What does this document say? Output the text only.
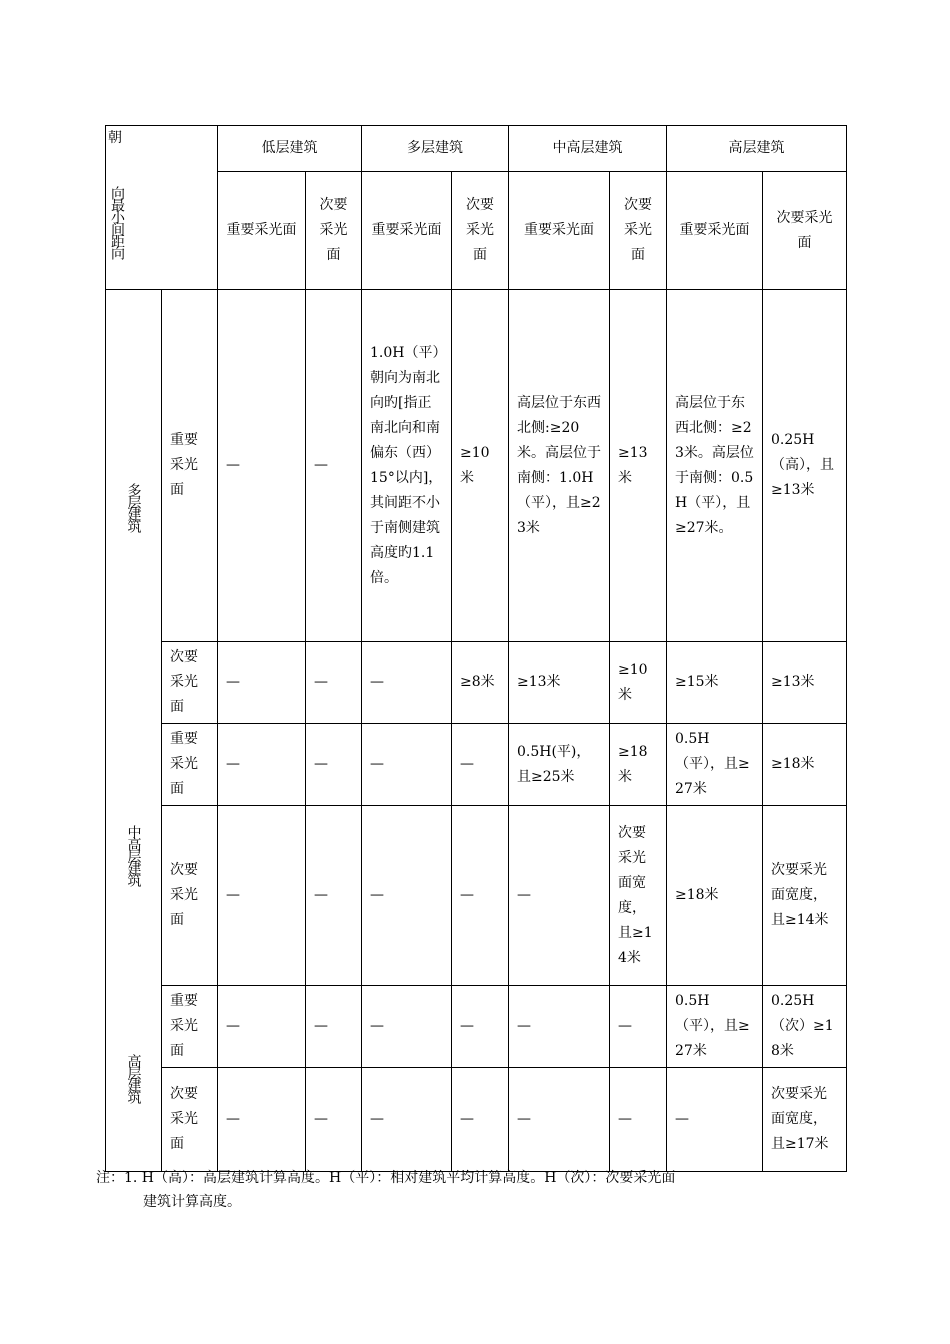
朝
向最小间距向		低层建筑		多层建筑		中高层建筑		高层建筑	
		重要采光面	次要采光面	重要采光面	次要采光面	重要采光面	次要采光面	重要采光面	次要采光面

多层建筑	重要采光面	—	—	1.0H（平）朝向为南北向旳[指正南北向和南偏东（西）15°以内]，其间距不小于南侧建筑高度旳1.1倍。	≥10米	高层位于东西北侧:≥20米。高层位于南侧：1.0H（平），且≥23米	≥13米	高层位于东西北侧：≥23米。高层位于南侧：0.5H（平），且≥27米。	0.25H（高），且≥13米
	次要采光面	—	—	—	≥8米	≥13米	≥10米	≥15米	≥13米

中高层建筑	重要采光面	—	—	—	—	0.5H(平)，且≥25米	≥18米	0.5H（平），且≥27米	≥18米
	次要采光面	—	—	—	—	—	次要采光面宽度，且≥14米	≥18米	次要采光面宽度，且≥14米

高层建筑	重要采光面	—	—	—	—	—	—	0.5H（平），且≥27米	0.25H（次）≥18米
	次要采光面	—	—	—	—	—	—	—	次要采光面宽度，且≥17米
注：1. H（高）：高层建筑计算高度。H（平）：相对建筑平均计算高度。H（次）：次要采光面
建筑计算高度。
